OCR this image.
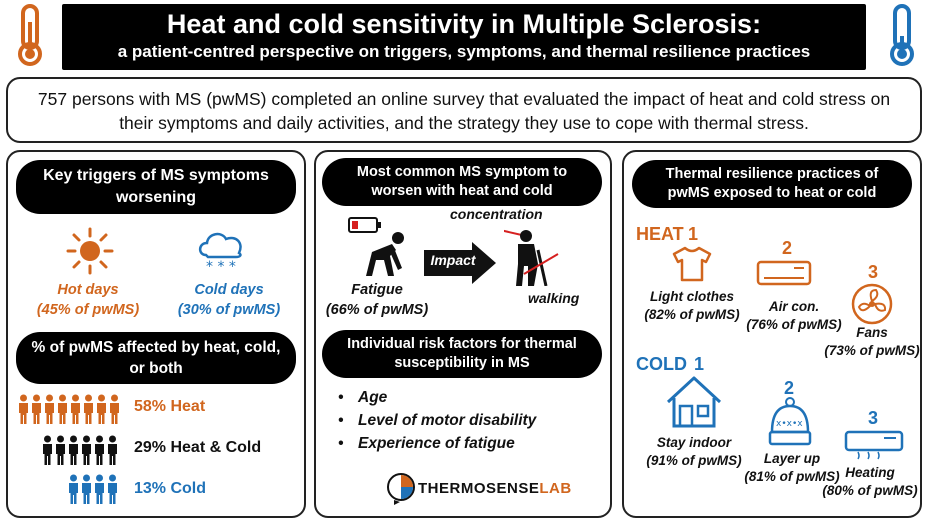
Heat and cold sensitivity in Multiple Sclerosis:
a patient-centred perspective on triggers, symptoms, and thermal resilience practices
757 persons with MS (pwMS) completed an online survey that evaluated the impact of heat and cold stress on
their symptoms and daily activities, and the strategy they use to cope with thermal stress.
Key triggers of MS symptoms
worsening
* * *
Hot days
(45% of pwMS)
Cold days
(30% of pwMS)
% of pwMS affected by heat, cold,
or both
58% Heat
29% Heat & Cold
13% Cold
Most common MS symptom to
worsen with heat and cold
Fatigue
(66% of pwMS)
Impact
concentration
walking
Individual risk factors for thermal
susceptibility in MS
• Age
• Level of motor disability
• Experience of fatigue
THERMOSENSELAB
Thermal resilience practices of
pwMS exposed to heat or cold
HEAT 1
Light clothes
(82% of pwMS)
2
Air con.
(76% of pwMS)
3
Fans
(73% of pwMS)
COLD 1
Stay indoor
(91% of pwMS)
2
x•x•x
Layer up
(81% of pwMS)
3
Heating
(80% of pwMS)
